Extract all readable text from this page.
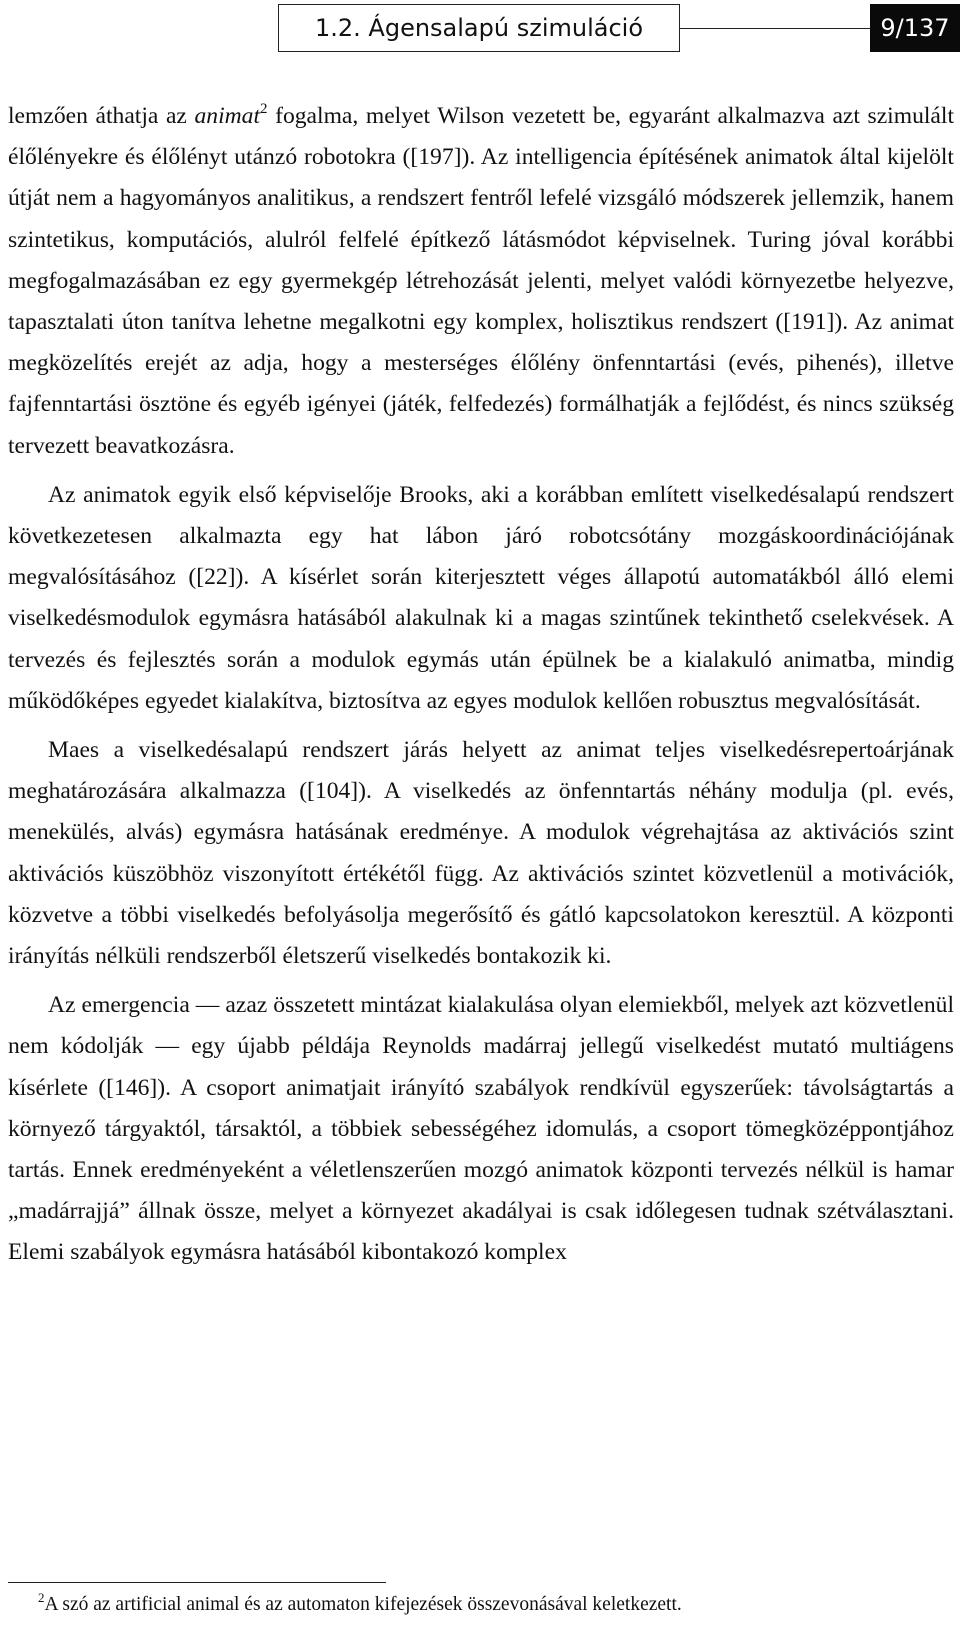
1.2. Ágensalapú szimuláció	9/137

lemzően áthatja az animat$^2$ fogalma, melyet Wilson vezetett be, egyaránt alkalmazva azt szimulált élőlényekre és élőlényt utánzó robotokra ([197]). Az intelligencia építésének animatok által kijelölt útját nem a hagyományos analitikus, a rendszert fentről lefelé vizsgáló módszerek jellemzik, hanem szintetikus, komputációs, alulról felfelé építkező látásmódot képviselnek. Turing jóval korábbi megfogalmazásában ez egy gyermekgép létrehozását jelenti, melyet valódi környezetbe helyezve, tapasztalati úton tanítva lehetne megalkotni egy komplex, holisztikus rendszert ([191]). Az animat megközelítés erejét az adja, hogy a mesterséges élőlény önfenntartási (evés, pihenés), illetve fajfenntartási ösztöne és egyéb igényei (játék, felfedezés) formálhatják a fejlődést, és nincs szükség tervezett beavatkozásra.

Az animatok egyik első képviselője Brooks, aki a korábban említett viselkedésalapú rendszert következetesen alkalmazta egy hat lábon járó robotcsótány mozgáskoordinációjának megvalósításához ([22]). A kísérlet során kiterjesztett véges állapotú automatákból álló elemi viselkedésmodulok egymásra hatásából alakulnak ki a magas szintűnek tekinthető cselekvések. A tervezés és fejlesztés során a modulok egymás után épülnek be a kialakuló animatba, mindig működőképes egyedet kialakítva, biztosítva az egyes modulok kellően robusztus megvalósítását.

Maes a viselkedésalapú rendszert járás helyett az animat teljes viselkedésrepertoárjának meghatározására alkalmazza ([104]). A viselkedés az önfenntartás néhány modulja (pl. evés, menekülés, alvás) egymásra hatásának eredménye. A modulok végrehajtása az aktivációs szint aktivációs küszöbhöz viszonyított értékétől függ. Az aktivációs szintet közvetlenül a motivációk, közvetve a többi viselkedés befolyásolja megerősítő és gátló kapcsolatokon keresztül. A központi irányítás nélküli rendszerből életszerű viselkedés bontakozik ki.

Az emergencia — azaz összetett mintázat kialakulása olyan elemiekből, melyek azt közvetlenül nem kódolják — egy újabb példája Reynolds madárraj jellegű viselkedést mutató multiágens kísérlete ([146]). A csoport animatjait irányító szabályok rendkívül egyszerűek: távolságtartás a környező tárgyaktól, társaktól, a többiek sebességéhez idomulás, a csoport tömegközéppontjához tartás. Ennek eredményeként a véletlenszerűen mozgó animatok központi tervezés nélkül is hamar „madárrajjá” állnak össze, melyet a környezet akadályai is csak időlegesen tudnak szétválasztani. Elemi szabályok egymásra hatásából kibontakozó komplex

$^2$A szó az artificial animal és az automaton kifejezések összevonásával keletkezett.
